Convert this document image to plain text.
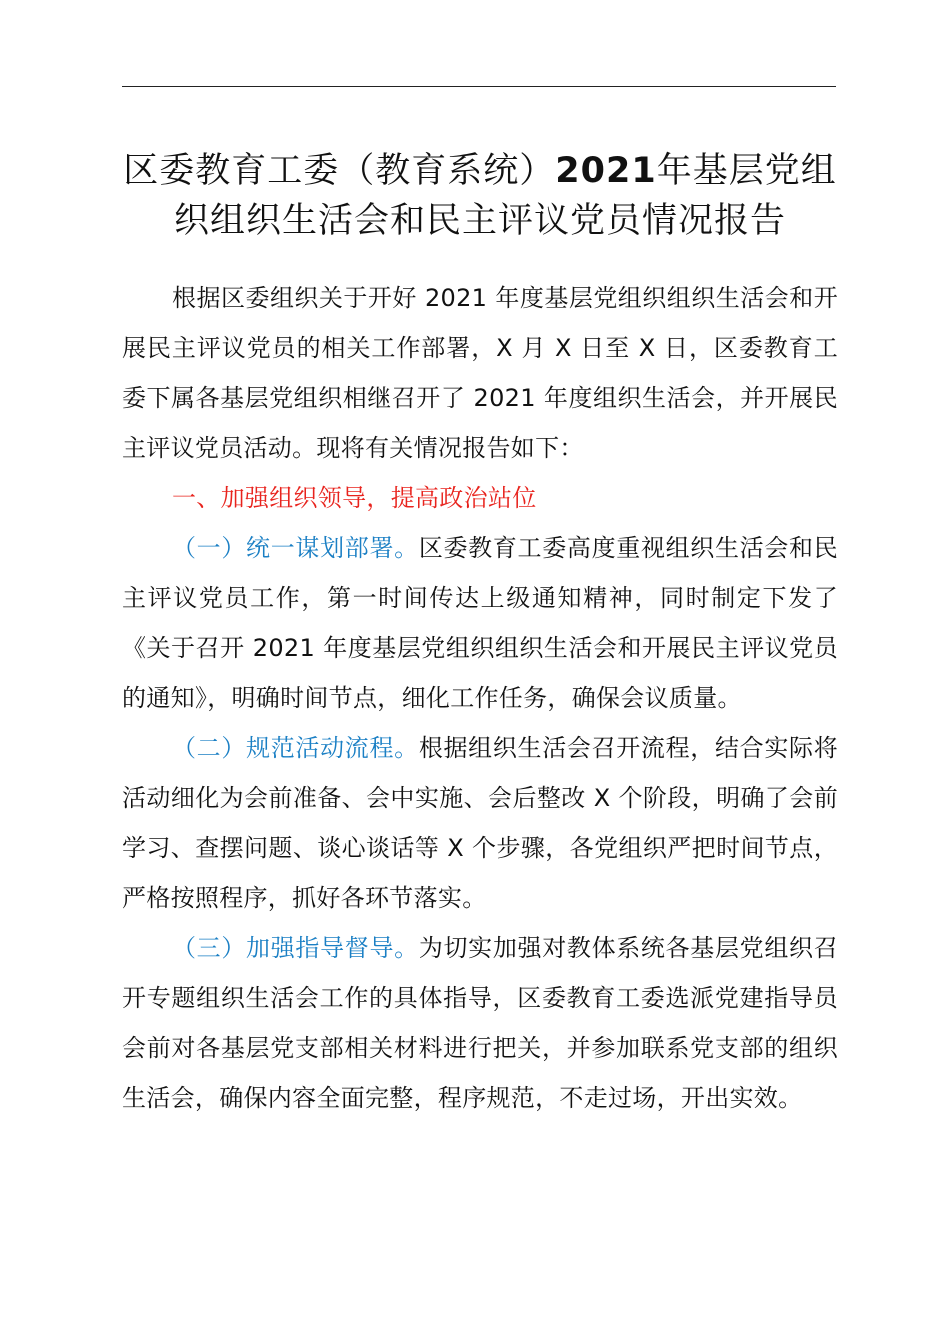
区委教育工委（教育系统）2021年基层党组
织组织生活会和民主评议党员情况报告

根据区委组织关于开好 2021 年度基层党组织组织生活会和开展民主评议党员的相关工作部署，X 月 X 日至 X 日，区委教育工委下属各基层党组织相继召开了 2021 年度组织生活会，并开展民主评议党员活动。现将有关情况报告如下：

一、加强组织领导，提高政治站位

（一）统一谋划部署。区委教育工委高度重视组织生活会和民主评议党员工作，第一时间传达上级通知精神，同时制定下发了《关于召开 2021 年度基层党组织组织生活会和开展民主评议党员的通知》，明确时间节点，细化工作任务，确保会议质量。

（二）规范活动流程。根据组织生活会召开流程，结合实际将活动细化为会前准备、会中实施、会后整改 X 个阶段，明确了会前学习、查摆问题、谈心谈话等 X 个步骤，各党组织严把时间节点，严格按照程序，抓好各环节落实。

（三）加强指导督导。为切实加强对教体系统各基层党组织召开专题组织生活会工作的具体指导，区委教育工委选派党建指导员会前对各基层党支部相关材料进行把关，并参加联系党支部的组织生活会，确保内容全面完整，程序规范，不走过场，开出实效。
